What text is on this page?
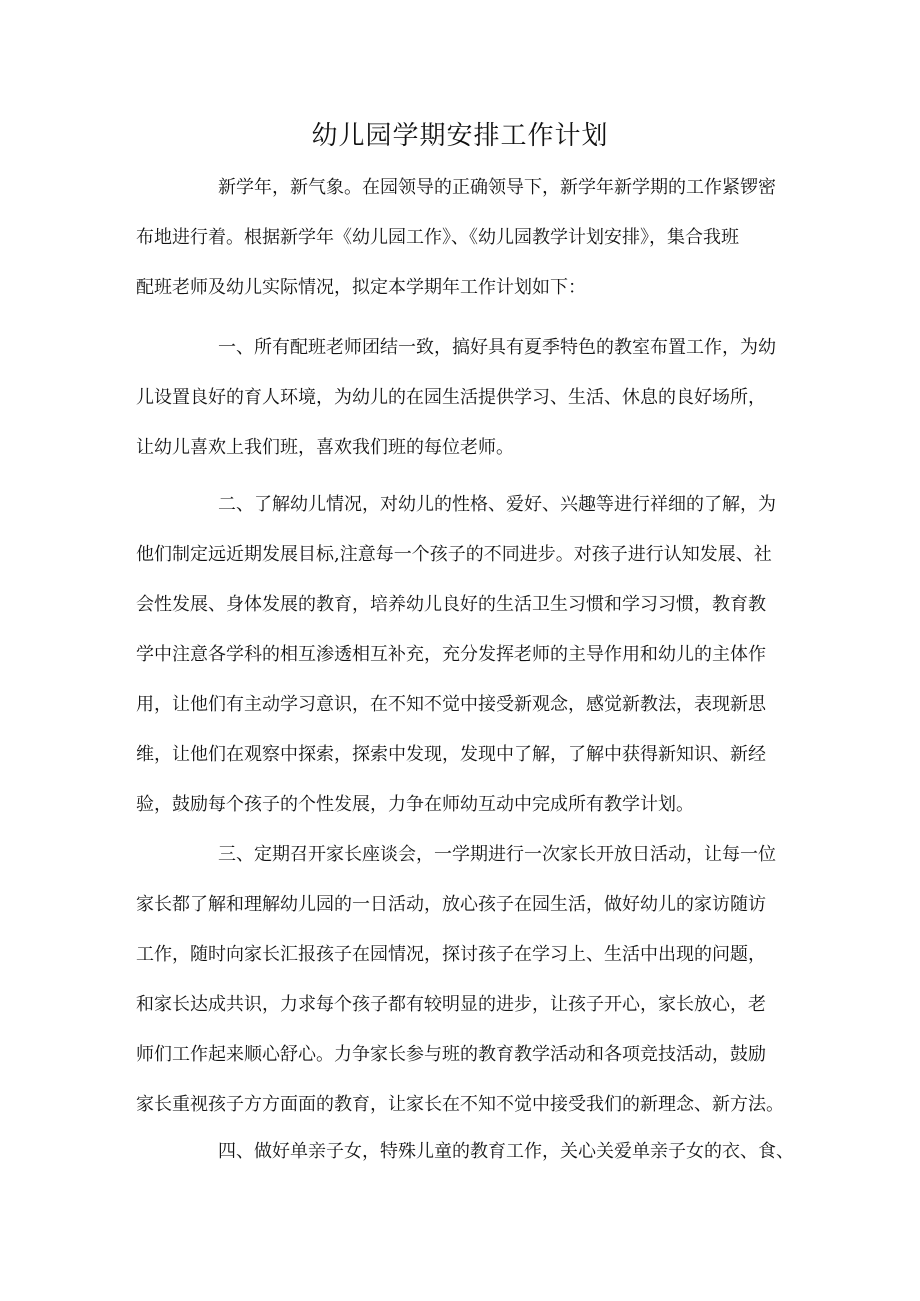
幼儿园学期安排工作计划
新学年，新气象。在园领导的正确领导下，新学年新学期的工作紧锣密
布地进行着。根据新学年《幼儿园工作》、《幼儿园教学计划安排》，集合我班
配班老师及幼儿实际情况，拟定本学期年工作计划如下：
一、所有配班老师团结一致，搞好具有夏季特色的教室布置工作，为幼
儿设置良好的育人环境，为幼儿的在园生活提供学习、生活、休息的良好场所，
让幼儿喜欢上我们班，喜欢我们班的每位老师。
二、了解幼儿情况，对幼儿的性格、爱好、兴趣等进行祥细的了解，为
他们制定远近期发展目标,注意每一个孩子的不同进步。对孩子进行认知发展、社
会性发展、身体发展的教育，培养幼儿良好的生活卫生习惯和学习习惯，教育教
学中注意各学科的相互渗透相互补充，充分发挥老师的主导作用和幼儿的主体作
用，让他们有主动学习意识，在不知不觉中接受新观念，感觉新教法，表现新思
维，让他们在观察中探索，探索中发现，发现中了解，了解中获得新知识、新经
验，鼓励每个孩子的个性发展，力争在师幼互动中完成所有教学计划。
三、定期召开家长座谈会，一学期进行一次家长开放日活动，让每一位
家长都了解和理解幼儿园的一日活动，放心孩子在园生活，做好幼儿的家访随访
工作，随时向家长汇报孩子在园情况，探讨孩子在学习上、生活中出现的问题，
和家长达成共识，力求每个孩子都有较明显的进步，让孩子开心，家长放心，老
师们工作起来顺心舒心。力争家长参与班的教育教学活动和各项竞技活动，鼓励
家长重视孩子方方面面的教育，让家长在不知不觉中接受我们的新理念、新方法。
四、做好单亲子女，特殊儿童的教育工作，关心关爱单亲子女的衣、食、
